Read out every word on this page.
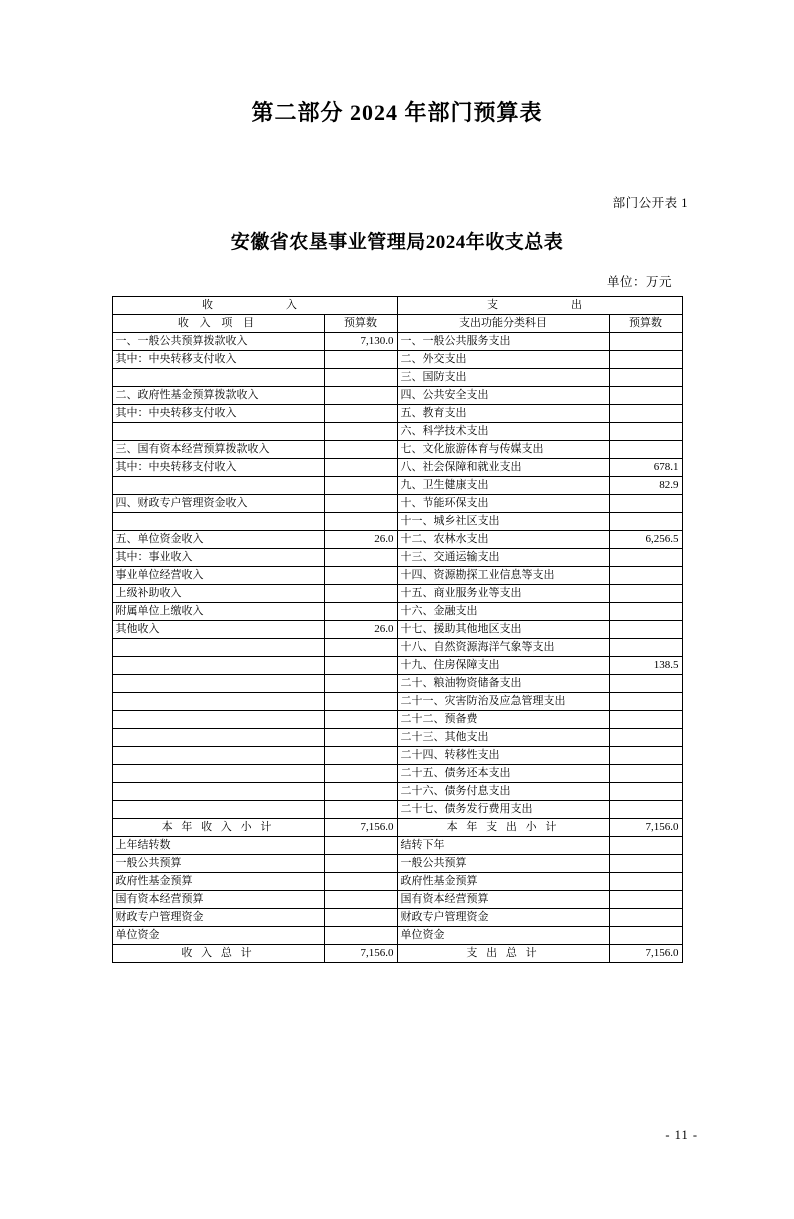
第二部分 2024 年部门预算表
部门公开表 1
安徽省农垦事业管理局2024年收支总表
单位：万元
收　　　入		支　　　出	
收 入 项 目	预算数	支出功能分类科目	预算数
一、一般公共预算拨款收入	7,130.0	一、一般公共服务支出	
其中：中央转移支付收入		二、外交支出	
		三、国防支出	
二、政府性基金预算拨款收入		四、公共安全支出	
其中：中央转移支付收入		五、教育支出	
		六、科学技术支出	
三、国有资本经营预算拨款收入		七、文化旅游体育与传媒支出	
其中：中央转移支付收入		八、社会保障和就业支出	678.1
		九、卫生健康支出	82.9
四、财政专户管理资金收入		十、节能环保支出	
		十一、城乡社区支出	
五、单位资金收入	26.0	十二、农林水支出	6,256.5
其中：事业收入		十三、交通运输支出	
事业单位经营收入		十四、资源勘探工业信息等支出	
上级补助收入		十五、商业服务业等支出	
附属单位上缴收入		十六、金融支出	
其他收入	26.0	十七、援助其他地区支出	
		十八、自然资源海洋气象等支出	
		十九、住房保障支出	138.5
		二十、粮油物资储备支出	
		二十一、灾害防治及应急管理支出	
		二十二、预备费	
		二十三、其他支出	
		二十四、转移性支出	
		二十五、债务还本支出	
		二十六、债务付息支出	
		二十七、债务发行费用支出	
本 年 收 入 小 计	7,156.0	本 年 支 出 小 计	7,156.0
上年结转数		结转下年	
一般公共预算		一般公共预算	
政府性基金预算		政府性基金预算	
国有资本经营预算		国有资本经营预算	
财政专户管理资金		财政专户管理资金	
单位资金		单位资金	
收 入 总 计	7,156.0	支 出 总 计	7,156.0
- 11 -
